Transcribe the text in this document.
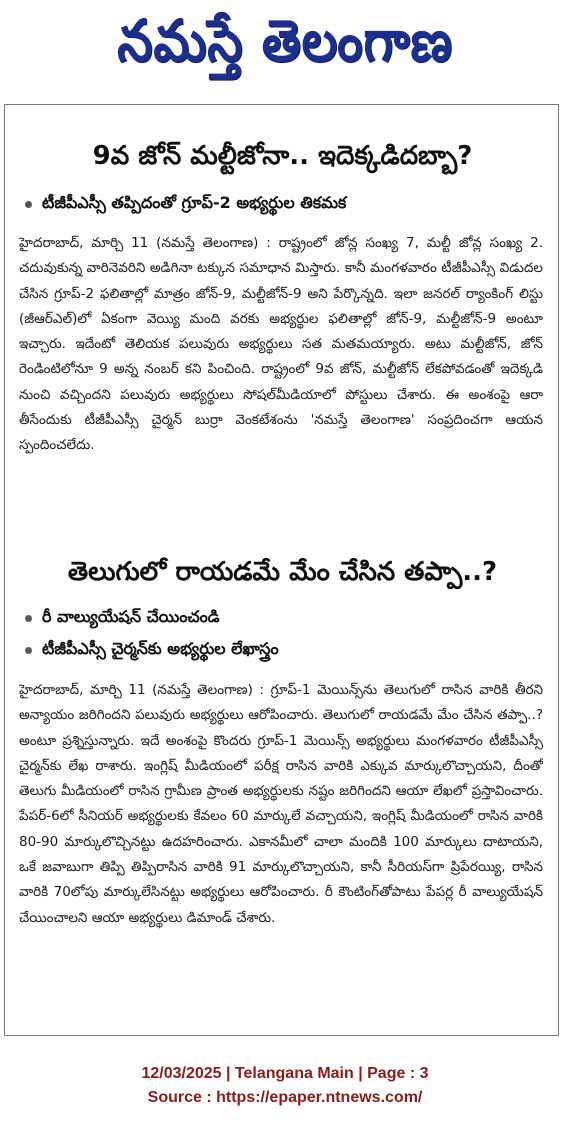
నమస్తే తెలంగాణ
9వ జోన్ మల్టీజోనా.. ఇదెక్కడిదబ్బా?
టీజీపీఎస్సీ తప్పిదంతో గ్రూప్-2 అభ్యర్థుల తికమక
హైదరాబాద్, మార్చి 11 (నమస్తే తెలంగాణ) : రాష్ట్రంలో జోన్ల సంఖ్య 7, మల్టీ జోన్ల సంఖ్య 2. చదువుకున్న వారినెవరిని అడిగినా టక్కున సమాధాన మిస్తారు. కానీ మంగళవారం టీజీపీఎస్సీ విడుదల చేసిన గ్రూప్-2 ఫలితాల్లో మాత్రం జోన్-9, మల్టీజోన్-9 అని పేర్కొన్నది. ఇలా జనరల్ ర్యాంకింగ్ లిస్టు (జీఆర్ఎల్)లో ఏకంగా వెయ్యి మంది వరకు అభ్యర్థుల ఫలితాల్లో జోన్-9, మల్టీజోన్-9 అంటూ ఇచ్చారు. ఇదేంటో తెలియక పలువురు అభ్యర్థులు సత మతమయ్యారు. అటు మల్టీజోన్, జోన్ రెండింటిలోనూ 9 అన్న నంబర్ కని పించింది. రాష్ట్రంలో 9వ జోన్, మల్టీజోన్ లేకపోవడంతో ఇదెక్కడి నుంచి వచ్చిందని పలువురు అభ్యర్థులు సోషల్‌మీడియాలో పోస్టులు చేశారు. ఈ అంశంపై ఆరా తీసేందుకు టీజీపీఎస్సీ చైర్మన్ బుర్రా వెంకటేశంను 'నమస్తే తెలంగాణ' సంప్రదించగా ఆయన స్పందించలేదు.
తెలుగులో రాయడమే మేం చేసిన తప్పా..?
రీ వాల్యుయేషన్ చేయించండి
టీజీపీఎస్సీ చైర్మన్‌కు అభ్యర్థుల లేఖాస్త్రం
హైదరాబాద్, మార్చి 11 (నమస్తే తెలంగాణ) : గ్రూప్-1 మెయిన్స్‌ను తెలుగులో రాసిన వారికి తీరని అన్యాయం జరిగిందని పలువురు అభ్యర్థులు ఆరోపించారు. తెలుగులో రాయడమే మేం చేసిన తప్పా..? అంటూ ప్రశ్నిస్తున్నారు. ఇదే అంశంపై కొందరు గ్రూప్-1 మెయిన్స్ అభ్యర్థులు మంగళవారం టీజీపీఎస్సీ చైర్మన్‌కు లేఖ రాశారు. ఇంగ్లిష్ మీడియంలో పరీక్ష రాసిన వారికి ఎక్కువ మార్కులొచ్చాయని, దీంతో తెలుగు మీడియంలో రాసిన గ్రామీణ ప్రాంత అభ్యర్థులకు నష్టం జరిగిందని ఆయా లేఖలో ప్రస్తావించారు. పేపర్-6లో సీనియర్ అభ్యర్థులకు కేవలం 60 మార్కులే వచ్చాయని, ఇంగ్లిష్ మీడియంలో రాసిన వారికి 80-90 మార్కులొచ్చినట్టు ఉదహరించారు. ఎకానమీలో చాలా మందికి 100 మార్కులు దాటాయని, ఒకే జవాబుగా తిప్పి తిప్పిరాసిన వారికి 91 మార్కులొచ్చాయని, కానీ సీరియస్‌గా ప్రిపేరయ్యి, రాసిన వారికి 70లోపు మార్కులేసినట్టు అభ్యర్థులు ఆరోపించారు. రీ కౌంటింగ్‌తోపాటు పేపర్ల రీ వాల్యుయేషన్ చేయించాలని ఆయా అభ్యర్థులు డిమాండ్ చేశారు.
12/03/2025 | Telangana Main | Page : 3
Source : https://epaper.ntnews.com/
